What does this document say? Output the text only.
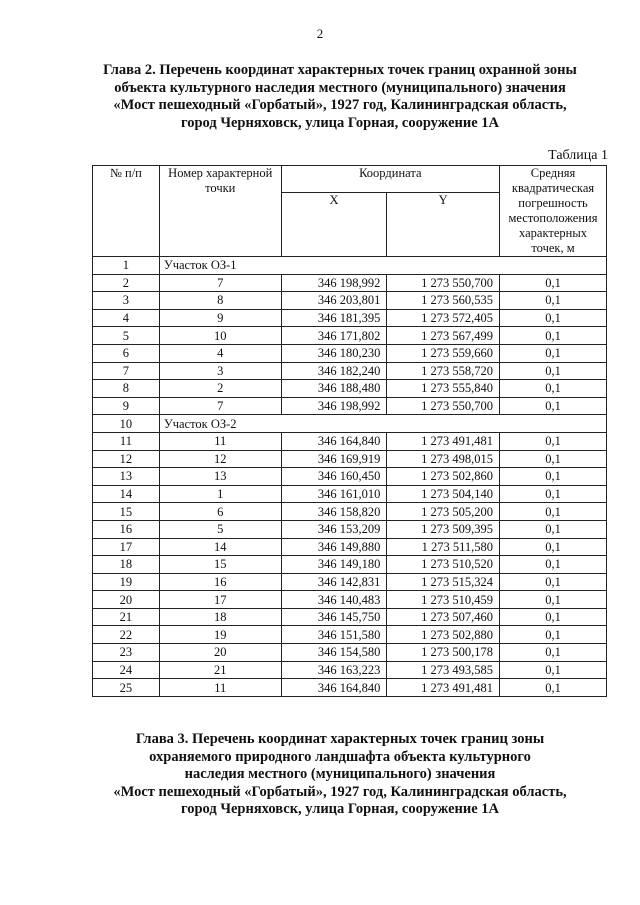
2
Глава 2. Перечень координат характерных точек границ охранной зоны
объекта культурного наследия местного (муниципального) значения
«Мост пешеходный «Горбатый», 1927 год, Калининградская область,
город Черняховск, улица Горная, сооружение 1А
Таблица 1
№ п/п	Номер характерной точки	Координата		Средняя квадратическая погрешность местоположения характерных точек, м
		X	Y	
1	Участок ОЗ-1			
2	7	346 198,992	1 273 550,700	0,1
3	8	346 203,801	1 273 560,535	0,1
4	9	346 181,395	1 273 572,405	0,1
5	10	346 171,802	1 273 567,499	0,1
6	4	346 180,230	1 273 559,660	0,1
7	3	346 182,240	1 273 558,720	0,1
8	2	346 188,480	1 273 555,840	0,1
9	7	346 198,992	1 273 550,700	0,1
10	Участок ОЗ-2			
11	11	346 164,840	1 273 491,481	0,1
12	12	346 169,919	1 273 498,015	0,1
13	13	346 160,450	1 273 502,860	0,1
14	1	346 161,010	1 273 504,140	0,1
15	6	346 158,820	1 273 505,200	0,1
16	5	346 153,209	1 273 509,395	0,1
17	14	346 149,880	1 273 511,580	0,1
18	15	346 149,180	1 273 510,520	0,1
19	16	346 142,831	1 273 515,324	0,1
20	17	346 140,483	1 273 510,459	0,1
21	18	346 145,750	1 273 507,460	0,1
22	19	346 151,580	1 273 502,880	0,1
23	20	346 154,580	1 273 500,178	0,1
24	21	346 163,223	1 273 493,585	0,1
25	11	346 164,840	1 273 491,481	0,1
Глава 3. Перечень координат характерных точек границ зоны
охраняемого природного ландшафта объекта культурного
наследия местного (муниципального) значения
«Мост пешеходный «Горбатый», 1927 год, Калининградская область,
город Черняховск, улица Горная, сооружение 1А
